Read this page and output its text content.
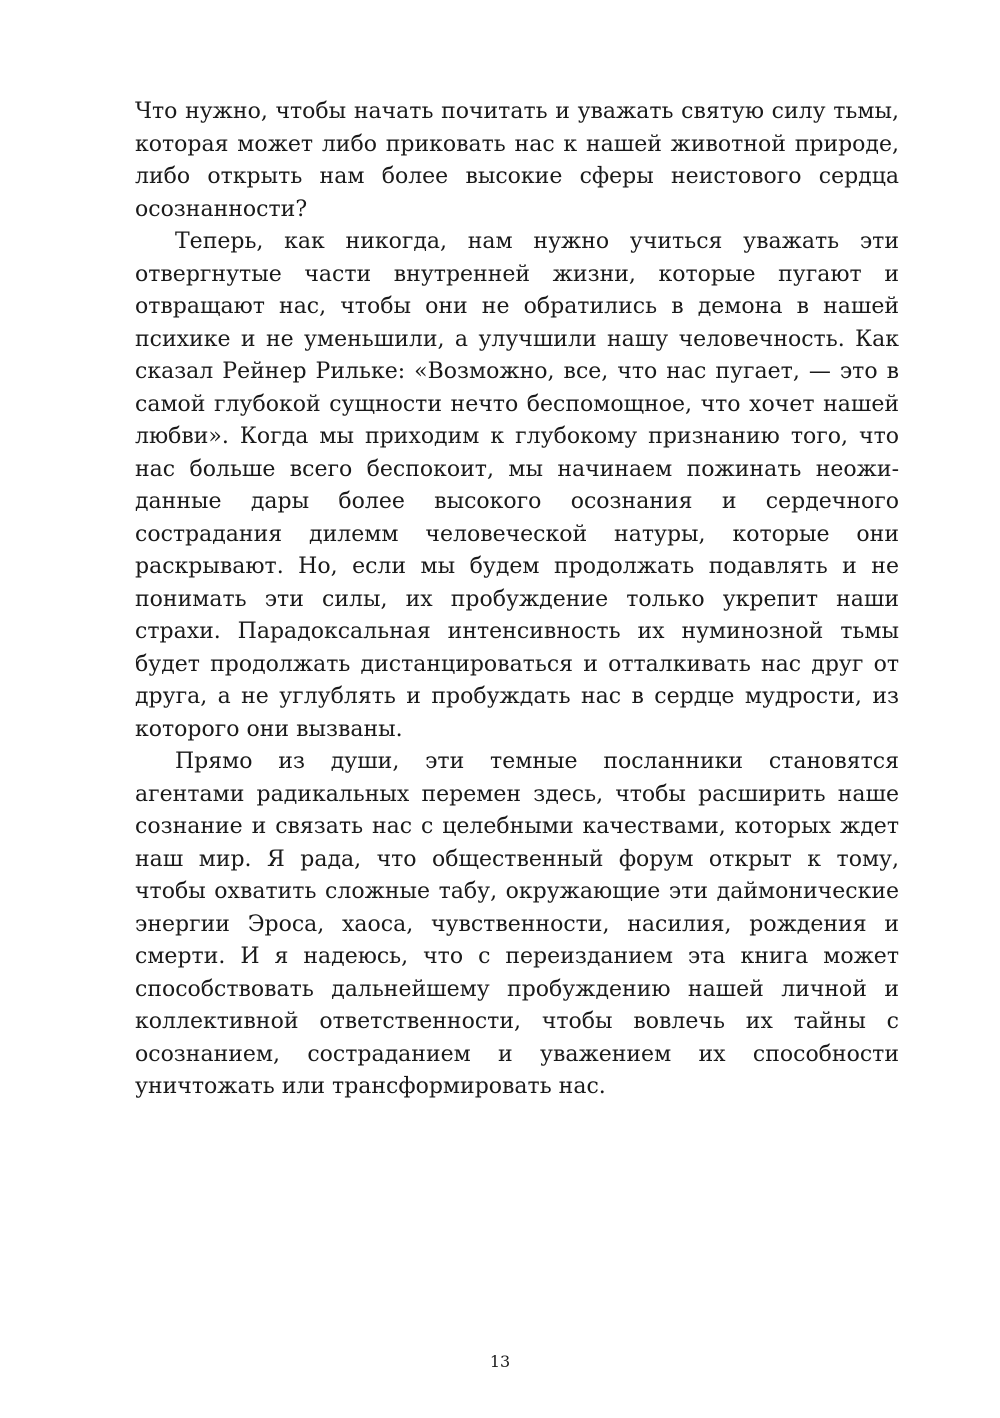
Что нужно, чтобы начать почитать и уважать святую силу тьмы, которая может либо приковать нас к нашей животной природе, либо открыть нам более высокие сферы неистового сердца осознанности?

Теперь, как никогда, нам нужно учиться уважать эти отвергнутые части внутренней жизни, которые пугают и отвращают нас, чтобы они не обратились в демона в нашей психике и не уменьшили, а улучшили нашу человечность. Как сказал Рейнер Рильке: «Возможно, все, что нас пугает, — это в самой глубокой сущности нечто беспомощное, что хочет нашей любви». Когда мы приходим к глубокому признанию того, что нас больше всего беспокоит, мы начинаем пожинать неожиданные дары более высокого осознания и сердечного сострадания дилемм человеческой натуры, которые они раскрывают. Но, если мы будем продолжать подавлять и не понимать эти силы, их пробуждение только укрепит наши страхи. Парадоксальная интенсивность их нуминозной тьмы будет продолжать дистанцироваться и отталкивать нас друг от друга, а не углублять и пробуждать нас в сердце мудрости, из которого они вызваны.

Прямо из души, эти темные посланники становятся агентами радикальных перемен здесь, чтобы расширить наше сознание и связать нас с целебными качествами, которых ждет наш мир. Я рада, что общественный форум открыт к тому, чтобы охватить сложные табу, окружающие эти даймонические энергии Эроса, хаоса, чувственности, насилия, рождения и смерти. И я надеюсь, что с переизданием эта книга может способствовать дальнейшему пробуждению нашей личной и коллективной ответственности, чтобы вовлечь их тайны с осознанием, состраданием и уважением их способности уничтожать или трансформировать нас.

13
